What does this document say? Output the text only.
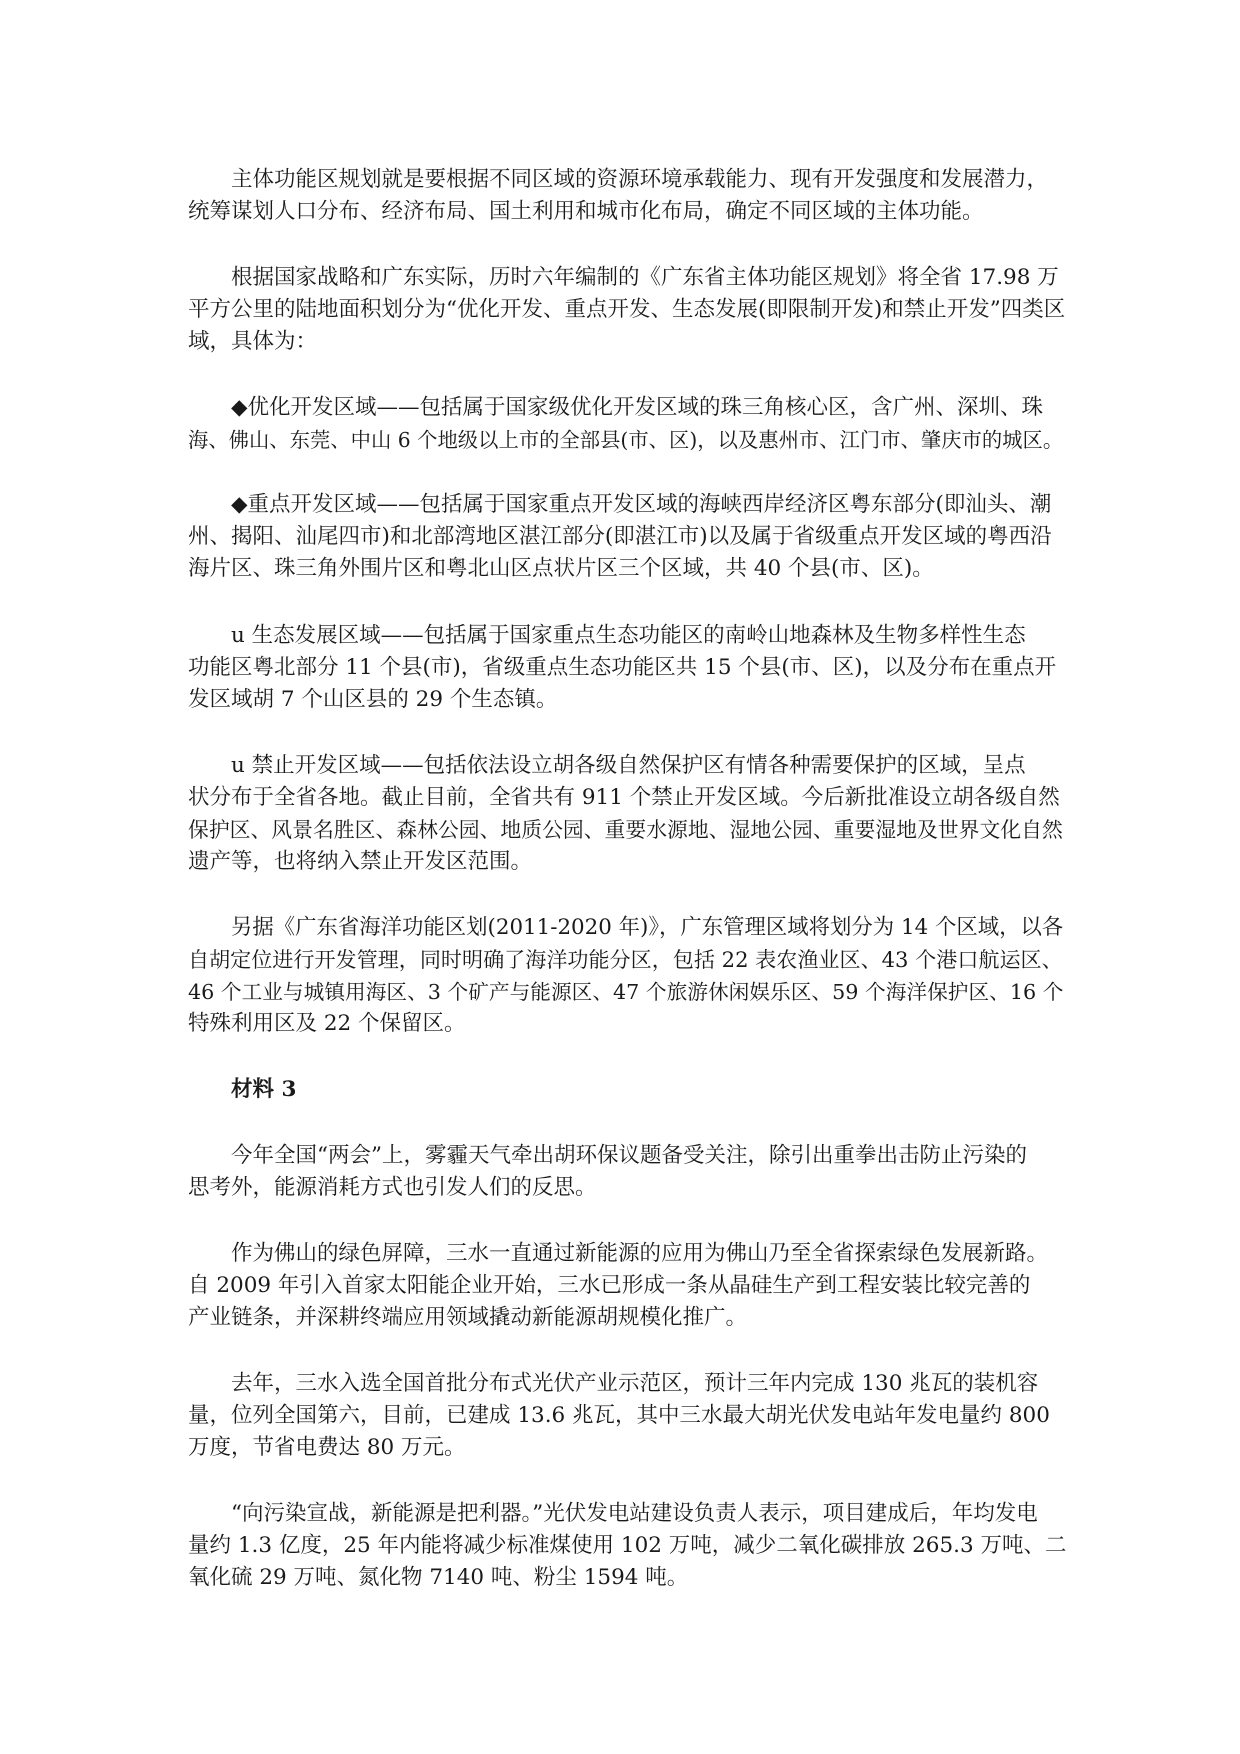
主体功能区规划就是要根据不同区域的资源环境承载能力、现有开发强度和发展潜力，
统筹谋划人口分布、经济布局、国土利用和城市化布局，确定不同区域的主体功能。
根据国家战略和广东实际，历时六年编制的《广东省主体功能区规划》将全省 17.98 万
平方公里的陆地面积划分为“优化开发、重点开发、生态发展(即限制开发)和禁止开发”四类区
域，具体为：
◆优化开发区域——包括属于国家级优化开发区域的珠三角核心区，含广州、深圳、珠
海、佛山、东莞、中山 6 个地级以上市的全部县(市、区)，以及惠州市、江门市、肇庆市的城区。
◆重点开发区域——包括属于国家重点开发区域的海峡西岸经济区粤东部分(即汕头、潮
州、揭阳、汕尾四市)和北部湾地区湛江部分(即湛江市)以及属于省级重点开发区域的粤西沿
海片区、珠三角外围片区和粤北山区点状片区三个区域，共 40 个县(市、区)。
u 生态发展区域——包括属于国家重点生态功能区的南岭山地森林及生物多样性生态
功能区粤北部分 11 个县(市)，省级重点生态功能区共 15 个县(市、区)，以及分布在重点开
发区域胡 7 个山区县的 29 个生态镇。
u 禁止开发区域——包括依法设立胡各级自然保护区有情各种需要保护的区域，呈点
状分布于全省各地。截止目前，全省共有 911 个禁止开发区域。今后新批准设立胡各级自然
保护区、风景名胜区、森林公园、地质公园、重要水源地、湿地公园、重要湿地及世界文化自然
遗产等，也将纳入禁止开发区范围。
另据《广东省海洋功能区划(2011-2020 年)》，广东管理区域将划分为 14 个区域，以各
自胡定位进行开发管理，同时明确了海洋功能分区，包括 22 表农渔业区、43 个港口航运区、
46 个工业与城镇用海区、3 个矿产与能源区、47 个旅游休闲娱乐区、59 个海洋保护区、16 个
特殊利用区及 22 个保留区。
材料 3
今年全国“两会”上，雾霾天气牵出胡环保议题备受关注，除引出重拳出击防止污染的
思考外，能源消耗方式也引发人们的反思。
作为佛山的绿色屏障，三水一直通过新能源的应用为佛山乃至全省探索绿色发展新路。
自 2009 年引入首家太阳能企业开始，三水已形成一条从晶硅生产到工程安装比较完善的
产业链条，并深耕终端应用领域撬动新能源胡规模化推广。
去年，三水入选全国首批分布式光伏产业示范区，预计三年内完成 130 兆瓦的装机容
量，位列全国第六，目前，已建成 13.6 兆瓦，其中三水最大胡光伏发电站年发电量约 800
万度，节省电费达 80 万元。
“向污染宣战，新能源是把利器。”光伏发电站建设负责人表示，项目建成后，年均发电
量约 1.3 亿度，25 年内能将减少标准煤使用 102 万吨，减少二氧化碳排放 265.3 万吨、二
氧化硫 29 万吨、氮化物 7140 吨、粉尘 1594 吨。
